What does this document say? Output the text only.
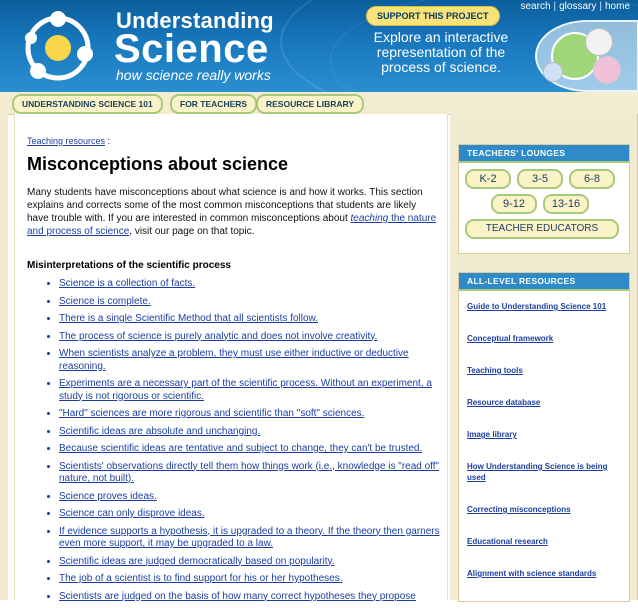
Understanding
Science
how science really works
SUPPORT THIS PROJECT
search | glossary | home
Explore an interactive representation of the process of science.
UNDERSTANDING SCIENCE 101	FOR TEACHERS	RESOURCE LIBRARY
Teaching resources :
Misconceptions about science
Many students have misconceptions about what science is and how it works. This section explains and corrects some of the most common misconceptions that students are likely have trouble with. If you are interested in common misconceptions about teaching the nature and process of science, visit our page on that topic.
Misinterpretations of the scientific process
• Science is a collection of facts.
• Science is complete.
• There is a single Scientific Method that all scientists follow.
• The process of science is purely analytic and does not involve creativity.
• When scientists analyze a problem, they must use either inductive or deductive reasoning.
• Experiments are a necessary part of the scientific process. Without an experiment, a study is not rigorous or scientific.
• "Hard" sciences are more rigorous and scientific than "soft" sciences.
• Scientific ideas are absolute and unchanging.
• Because scientific ideas are tentative and subject to change, they can't be trusted.
• Scientists' observations directly tell them how things work (i.e., knowledge is "read off" nature, not built).
• Science proves ideas.
• Science can only disprove ideas.
• If evidence supports a hypothesis, it is upgraded to a theory. If the theory then garners even more support, it may be upgraded to a law.
• Scientific ideas are judged democratically based on popularity.
• The job of a scientist is to find support for his or her hypotheses.
• Scientists are judged on the basis of how many correct hypotheses they propose
TEACHERS' LOUNGES
K-2	3-5	6-8
9-12	13-16
TEACHER EDUCATORS
ALL-LEVEL RESOURCES
Guide to Understanding Science 101
Conceptual framework
Teaching tools
Resource database
Image library
How Understanding Science is being used
Correcting misconceptions
Educational research
Alignment with science standards
